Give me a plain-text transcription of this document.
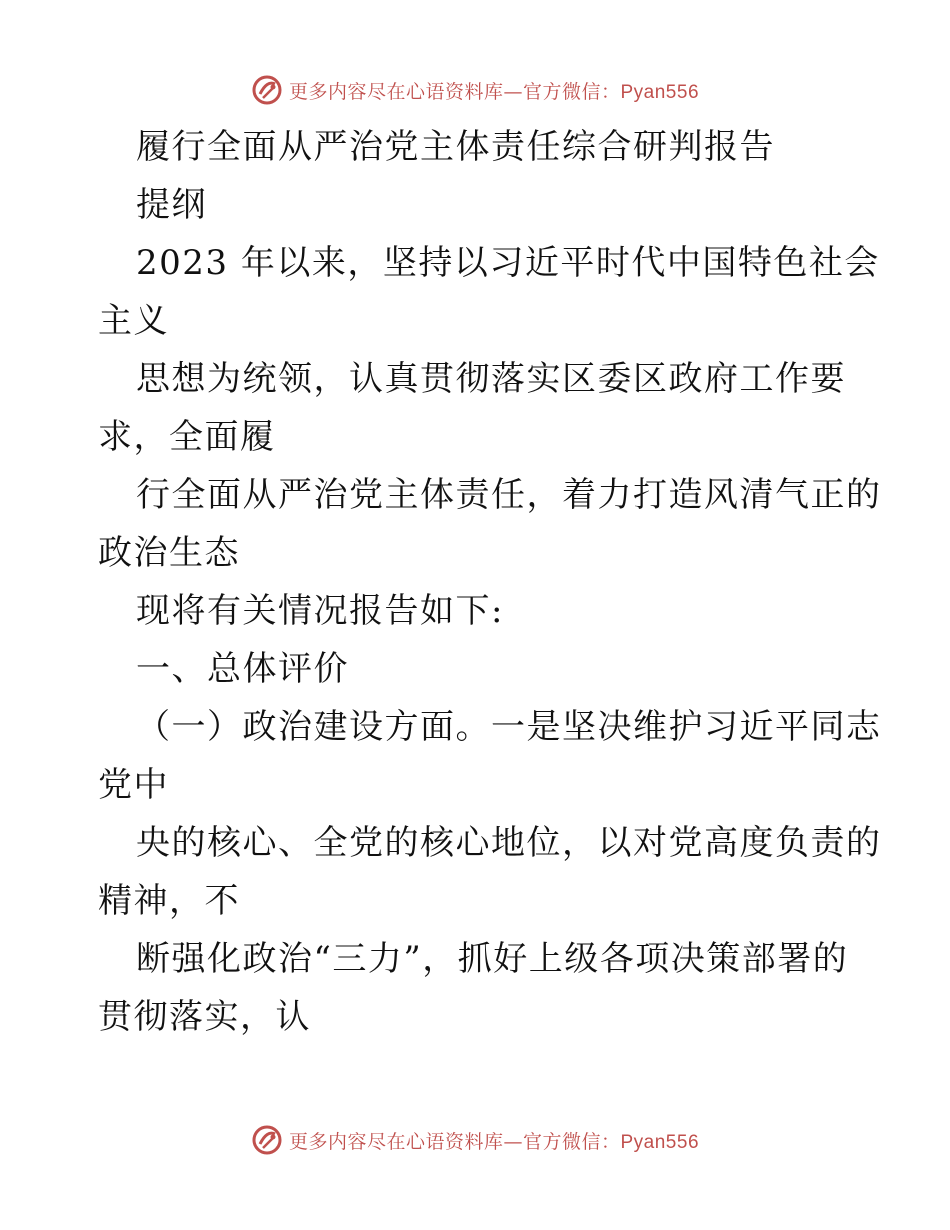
更多内容尽在心语资料库—官方微信：Pyan556
履行全面从严治党主体责任综合研判报告
提纲
2023 年以来，坚持以习近平时代中国特色社会
主义
思想为统领，认真贯彻落实区委区政府工作要
求，全面履
行全面从严治党主体责任，着力打造风清气正的
政治生态
现将有关情况报告如下:
一、总体评价
（一）政治建设方面。一是坚决维护习近平同志
党中
央的核心、全党的核心地位，以对党高度负责的
精神，不
断强化政治“三力”，抓好上级各项决策部署的
贯彻落实，认
更多内容尽在心语资料库—官方微信：Pyan556
